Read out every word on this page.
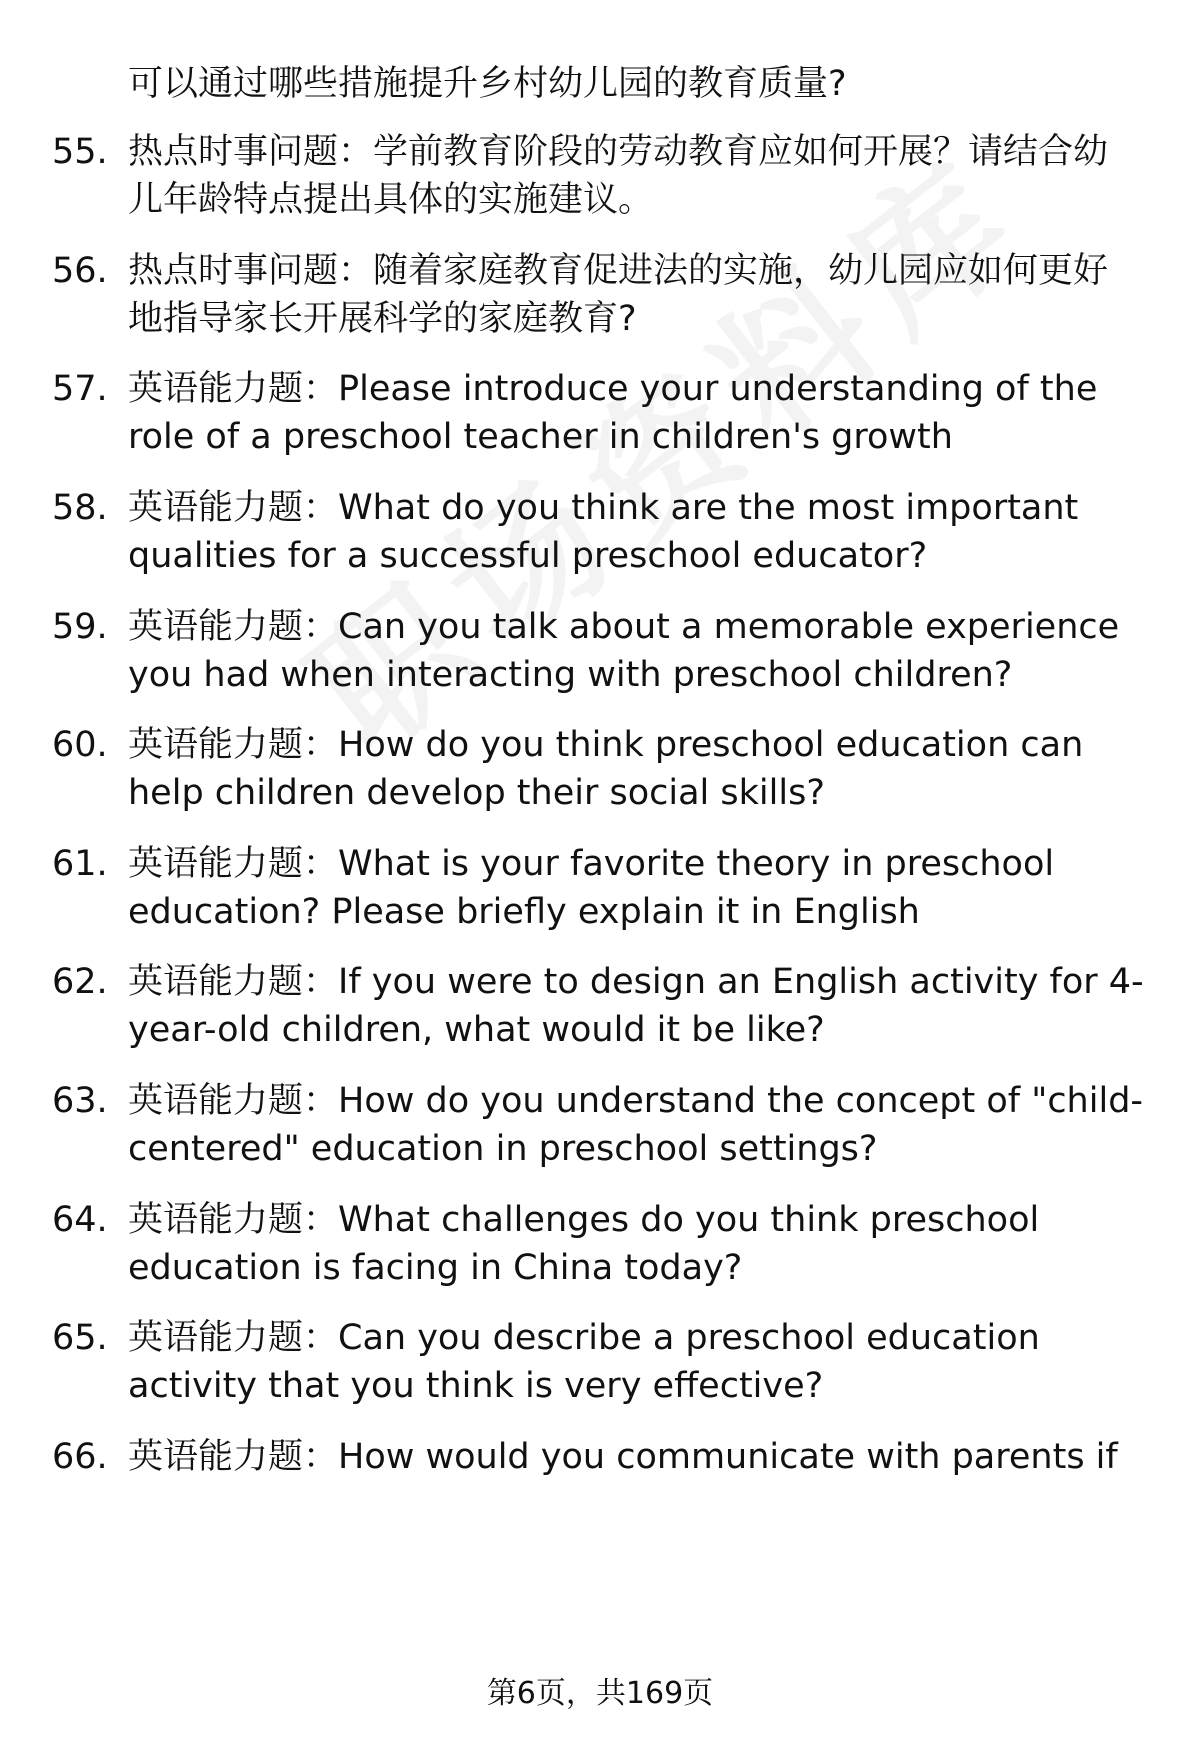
可以通过哪些措施提升乡村幼儿园的教育质量?
55. 热点时事问题：学前教育阶段的劳动教育应如何开展？请结合幼
儿年龄特点提出具体的实施建议。
56. 热点时事问题：随着家庭教育促进法的实施，幼儿园应如何更好
地指导家长开展科学的家庭教育?
57. 英语能力题：Please introduce your understanding of the
role of a preschool teacher in children's growth
58. 英语能力题：What do you think are the most important
qualities for a successful preschool educator?
59. 英语能力题：Can you talk about a memorable experience
you had when interacting with preschool children?
60. 英语能力题：How do you think preschool education can
help children develop their social skills?
61. 英语能力题：What is your favorite theory in preschool
education? Please briefly explain it in English
62. 英语能力题：If you were to design an English activity for 4-
year-old children, what would it be like?
63. 英语能力题：How do you understand the concept of "child-
centered" education in preschool settings?
64. 英语能力题：What challenges do you think preschool
education is facing in China today?
65. 英语能力题：Can you describe a preschool education
activity that you think is very effective?
66. 英语能力题：How would you communicate with parents if
第6页，共169页
